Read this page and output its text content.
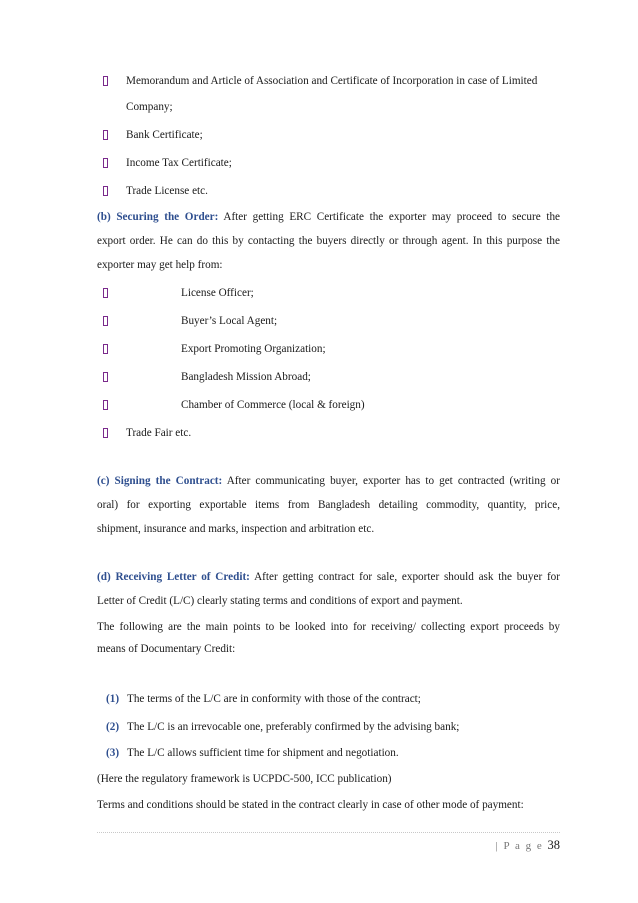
Memorandum and Article of Association and Certificate of Incorporation in case of Limited
Company;
Bank Certificate;
Income Tax Certificate;
Trade License etc.
(b) Securing the Order: After getting ERC Certificate the exporter may proceed to secure the
export order. He can do this by contacting the buyers directly or through agent. In this purpose the
exporter may get help from:
License Officer;
Buyer’s Local Agent;
Export Promoting Organization;
Bangladesh Mission Abroad;
Chamber of Commerce (local & foreign)
Trade Fair etc.
(c) Signing the Contract: After communicating buyer, exporter has to get contracted (writing or
oral) for exporting exportable items from Bangladesh detailing commodity, quantity, price,
shipment, insurance and marks, inspection and arbitration etc.
(d) Receiving Letter of Credit: After getting contract for sale, exporter should ask the buyer for
Letter of Credit (L/C) clearly stating terms and conditions of export and payment.
The following are the main points to be looked into for receiving/ collecting export proceeds by
means of Documentary Credit:
(1) The terms of the L/C are in conformity with those of the contract;
(2) The L/C is an irrevocable one, preferably confirmed by the advising bank;
(3) The L/C allows sufficient time for shipment and negotiation.
(Here the regulatory framework is UCPDC-500, ICC publication)
Terms and conditions should be stated in the contract clearly in case of other mode of payment:
| P a g e 38
